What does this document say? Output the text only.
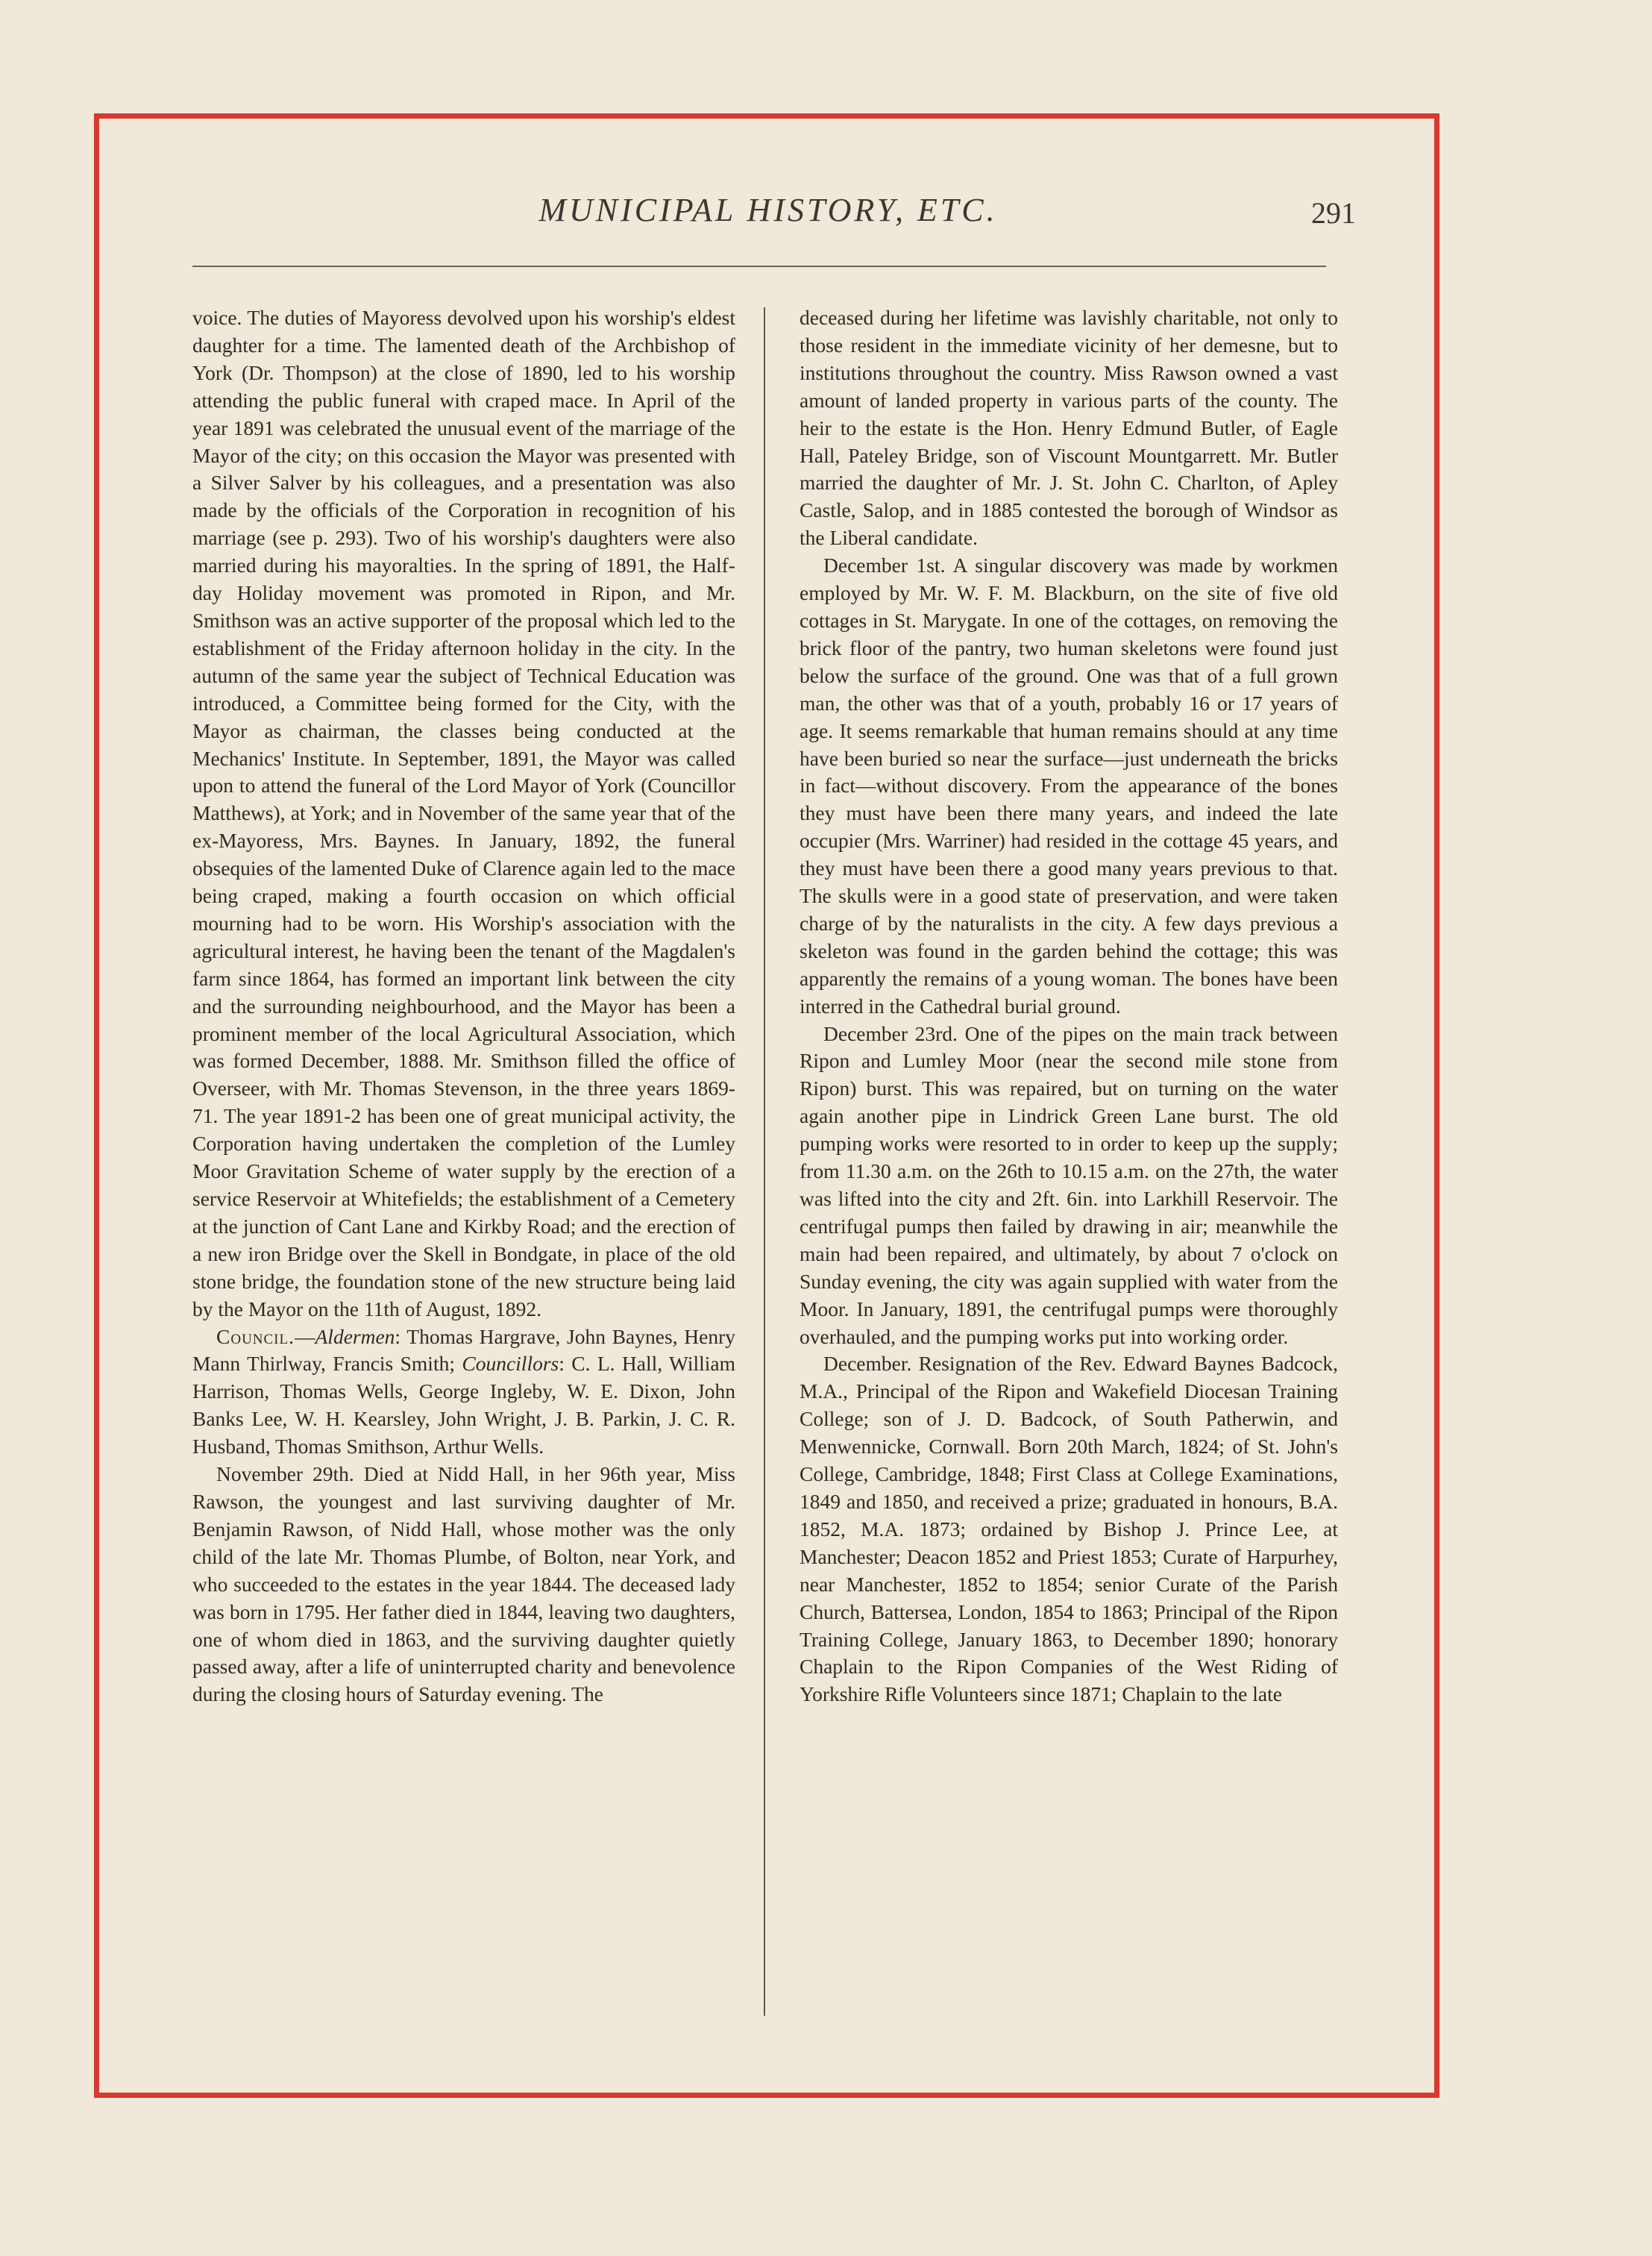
MUNICIPAL HISTORY, ETC.	291

voice. The duties of Mayoress devolved upon his worship's eldest daughter for a time. The lamented death of the Archbishop of York (Dr. Thompson) at the close of 1890, led to his worship attending the public funeral with craped mace. In April of the year 1891 was celebrated the unusual event of the marriage of the Mayor of the city; on this occasion the Mayor was presented with a Silver Salver by his colleagues, and a presentation was also made by the officials of the Corporation in recognition of his marriage (see p. 293). Two of his worship's daughters were also married during his mayoralties. In the spring of 1891, the Half-day Holiday movement was promoted in Ripon, and Mr. Smithson was an active supporter of the proposal which led to the establishment of the Friday afternoon holiday in the city. In the autumn of the same year the subject of Technical Education was introduced, a Committee being formed for the City, with the Mayor as chairman, the classes being conducted at the Mechanics' Institute. In September, 1891, the Mayor was called upon to attend the funeral of the Lord Mayor of York (Councillor Matthews), at York; and in November of the same year that of the ex-Mayoress, Mrs. Baynes. In January, 1892, the funeral obsequies of the lamented Duke of Clarence again led to the mace being craped, making a fourth occasion on which official mourning had to be worn. His Worship's association with the agricultural interest, he having been the tenant of the Magdalen's farm since 1864, has formed an important link between the city and the surrounding neighbourhood, and the Mayor has been a prominent member of the local Agricultural Association, which was formed December, 1888. Mr. Smithson filled the office of Overseer, with Mr. Thomas Stevenson, in the three years 1869-71. The year 1891-2 has been one of great municipal activity, the Corporation having undertaken the completion of the Lumley Moor Gravitation Scheme of water supply by the erection of a service Reservoir at Whitefields; the establishment of a Cemetery at the junction of Cant Lane and Kirkby Road; and the erection of a new iron Bridge over the Skell in Bondgate, in place of the old stone bridge, the foundation stone of the new structure being laid by the Mayor on the 11th of August, 1892.

Council.—Aldermen: Thomas Hargrave, John Baynes, Henry Mann Thirlway, Francis Smith; Councillors: C. L. Hall, William Harrison, Thomas Wells, George Ingleby, W. E. Dixon, John Banks Lee, W. H. Kearsley, John Wright, J. B. Parkin, J. C. R. Husband, Thomas Smithson, Arthur Wells.

November 29th. Died at Nidd Hall, in her 96th year, Miss Rawson, the youngest and last surviving daughter of Mr. Benjamin Rawson, of Nidd Hall, whose mother was the only child of the late Mr. Thomas Plumbe, of Bolton, near York, and who succeeded to the estates in the year 1844. The deceased lady was born in 1795. Her father died in 1844, leaving two daughters, one of whom died in 1863, and the surviving daughter quietly passed away, after a life of uninterrupted charity and benevolence during the closing hours of Saturday evening. The

deceased during her lifetime was lavishly charitable, not only to those resident in the immediate vicinity of her demesne, but to institutions throughout the country. Miss Rawson owned a vast amount of landed property in various parts of the county. The heir to the estate is the Hon. Henry Edmund Butler, of Eagle Hall, Pateley Bridge, son of Viscount Mountgarrett. Mr. Butler married the daughter of Mr. J. St. John C. Charlton, of Apley Castle, Salop, and in 1885 contested the borough of Windsor as the Liberal candidate.

December 1st. A singular discovery was made by workmen employed by Mr. W. F. M. Blackburn, on the site of five old cottages in St. Marygate. In one of the cottages, on removing the brick floor of the pantry, two human skeletons were found just below the surface of the ground. One was that of a full grown man, the other was that of a youth, probably 16 or 17 years of age. It seems remarkable that human remains should at any time have been buried so near the surface—just underneath the bricks in fact—without discovery. From the appearance of the bones they must have been there many years, and indeed the late occupier (Mrs. Warriner) had resided in the cottage 45 years, and they must have been there a good many years previous to that. The skulls were in a good state of preservation, and were taken charge of by the naturalists in the city. A few days previous a skeleton was found in the garden behind the cottage; this was apparently the remains of a young woman. The bones have been interred in the Cathedral burial ground.

December 23rd. One of the pipes on the main track between Ripon and Lumley Moor (near the second mile stone from Ripon) burst. This was repaired, but on turning on the water again another pipe in Lindrick Green Lane burst. The old pumping works were resorted to in order to keep up the supply; from 11.30 a.m. on the 26th to 10.15 a.m. on the 27th, the water was lifted into the city and 2ft. 6in. into Larkhill Reservoir. The centrifugal pumps then failed by drawing in air; meanwhile the main had been repaired, and ultimately, by about 7 o'clock on Sunday evening, the city was again supplied with water from the Moor. In January, 1891, the centrifugal pumps were thoroughly overhauled, and the pumping works put into working order.

December. Resignation of the Rev. Edward Baynes Badcock, M.A., Principal of the Ripon and Wakefield Diocesan Training College; son of J. D. Badcock, of South Patherwin, and Menwennicke, Cornwall. Born 20th March, 1824; of St. John's College, Cambridge, 1848; First Class at College Examinations, 1849 and 1850, and received a prize; graduated in honours, B.A. 1852, M.A. 1873; ordained by Bishop J. Prince Lee, at Manchester; Deacon 1852 and Priest 1853; Curate of Harpurhey, near Manchester, 1852 to 1854; senior Curate of the Parish Church, Battersea, London, 1854 to 1863; Principal of the Ripon Training College, January 1863, to December 1890; honorary Chaplain to the Ripon Companies of the West Riding of Yorkshire Rifle Volunteers since 1871; Chaplain to the late
